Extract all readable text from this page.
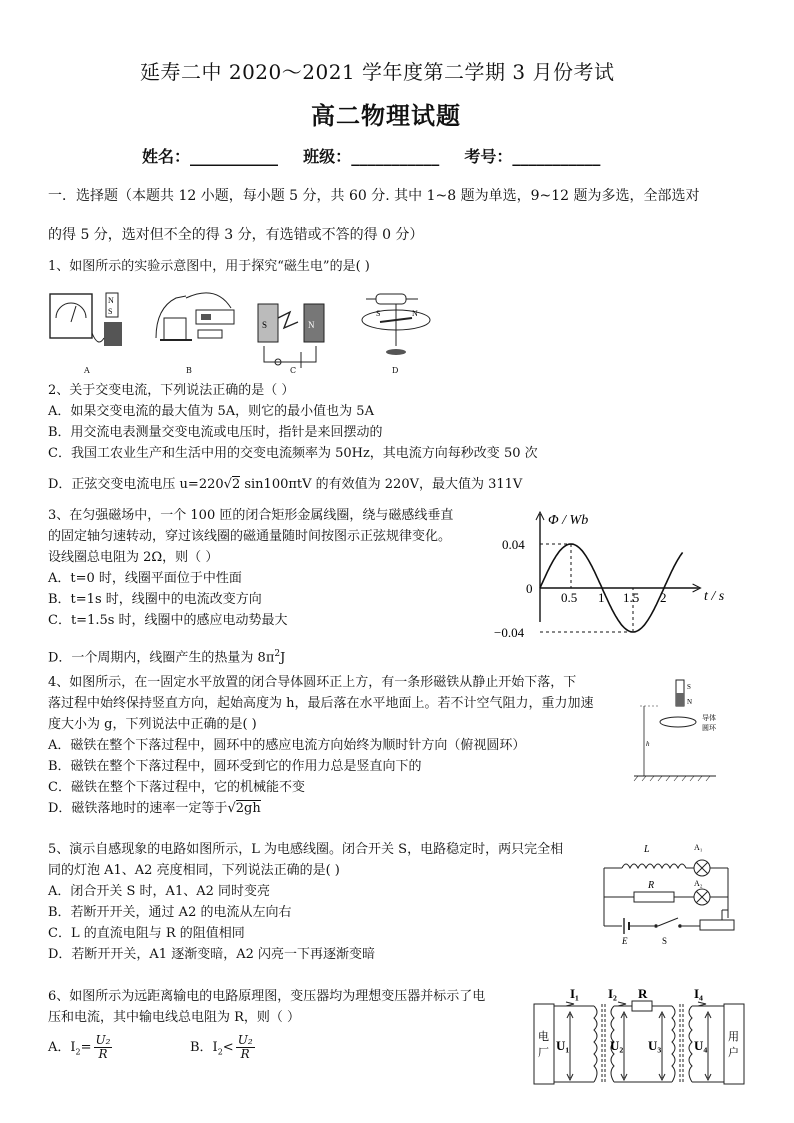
延寿二中 2020～2021 学年度第二学期 3 月份考试
高二物理试题
姓名：___________ 班级：___________ 考号：___________
一．选择题（本题共 12 小题，每小题 5 分，共 60 分. 其中 1~8 题为单选，9~12 题为多选，全部选对
的得 5 分，选对但不全的得 3 分，有选错或不答的得 0 分）
1、如图所示的实验示意图中，用于探究“磁生电”的是( )
N
S
S	N
S	N
A	B	C	D
2、关于交变电流，下列说法正确的是（ ）
A．如果交变电流的最大值为 5A，则它的最小值也为 5A
B．用交流电表测量交变电流或电压时，指针是来回摆动的
C．我国工农业生产和生活中用的交变电流频率为 50Hz，其电流方向每秒改变 50 次
D．正弦交变电流电压 u=220√2 sin100πtV 的有效值为 220V，最大值为 311V
3、在匀强磁场中，一个 100 匝的闭合矩形金属线圈，绕与磁感线垂直
的固定轴匀速转动，穿过该线圈的磁通量随时间按图示正弦规律变化。
设线圈总电阻为 2Ω，则（ ）
A．t=0 时，线圈平面位于中性面
B．t=1s 时，线圈中的电流改变方向
C．t=1.5s 时，线圈中的感应电动势最大
D．一个周期内，线圈产生的热量为 $8\pi^2J$
0.5 1 1.5 2
0.04
0
−0.04
Φ / Wb
t / s
4、如图所示，在一固定水平放置的闭合导体圆环正上方，有一条形磁铁从静止开始下落，下
落过程中始终保持竖直方向，起始高度为 h，最后落在水平地面上。若不计空气阻力，重力加速
度大小为 g，下列说法中正确的是( )
A．磁铁在整个下落过程中，圆环中的感应电流方向始终为顺时针方向（俯视圆环）
B．磁铁在整个下落过程中，圆环受到它的作用力总是竖直向下的
C．磁铁在整个下落过程中，它的机械能不变
D．磁铁落地时的速率一定等于√2gh
S
N
导体
圆环
h
5、演示自感现象的电路如图所示，L 为电感线圈。闭合开关 S，电路稳定时，两只完全相
同的灯泡 A1、A2 亮度相同，下列说法正确的是( )
A．闭合开关 S 时，A1、A2 同时变亮
B．若断开开关，通过 A2 的电流从左向右
C．L 的直流电阻与 R 的阻值相同
D．若断开开关，A1 逐渐变暗，A2 闪亮一下再逐渐变暗
L	A₁
R	A₂
E	S
6、如图所示为远距离输电的电路原理图，变压器均为理想变压器并标示了电
压和电流，其中输电线总电阻为 R，则（ ）
A．$I_2= \frac{\text{U₂}}{R}$	B．$I_2< \frac{\text{U₂}}{R}$
I₁ I₂ R	I₄
电
厂 U₁	U₂ U₃	U₄
用
户
